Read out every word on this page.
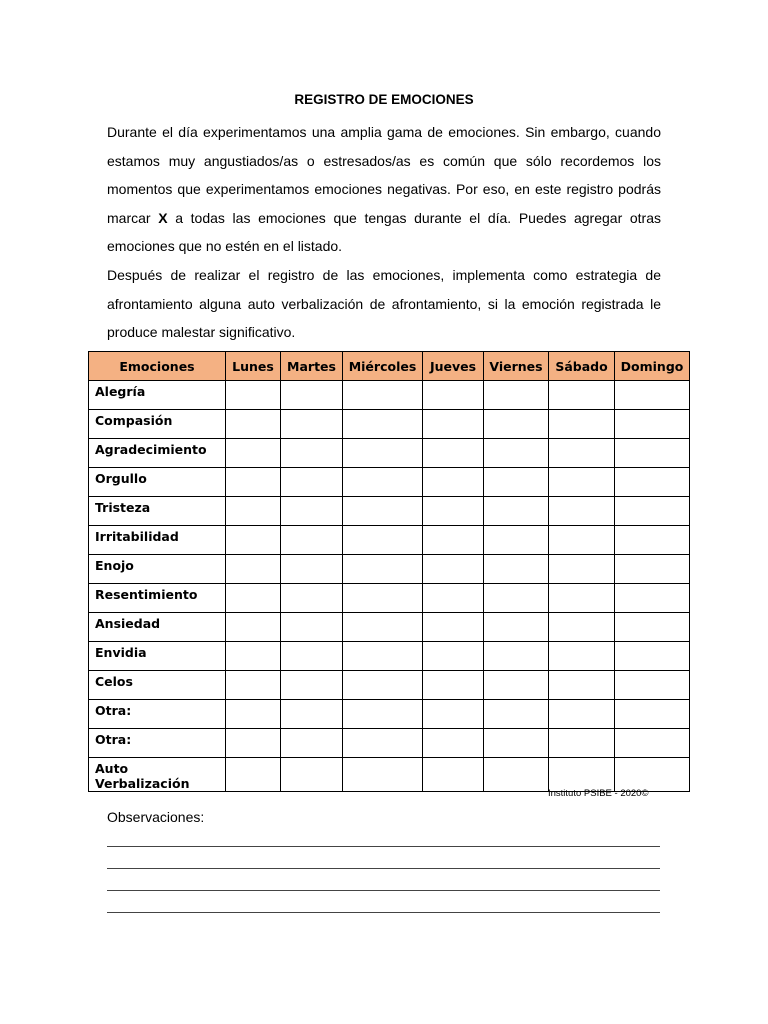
REGISTRO DE EMOCIONES

Durante el día experimentamos una amplia gama de emociones. Sin embargo, cuando estamos muy angustiados/as o estresados/as es común que sólo recordemos los momentos que experimentamos emociones negativas. Por eso, en este registro podrás marcar X a todas las emociones que tengas durante el día. Puedes agregar otras emociones que no estén en el listado.

Después de realizar el registro de las emociones, implementa como estrategia de afrontamiento alguna auto verbalización de afrontamiento, si la emoción registrada le produce malestar significativo.

Emociones	Lunes	Martes	Miércoles	Jueves	Viernes	Sábado	Domingo
Alegría							
Compasión							
Agradecimiento							
Orgullo							
Tristeza							
Irritabilidad							
Enojo							
Resentimiento							
Ansiedad							
Envidia							
Celos							
Otra:							
Otra:							
Auto Verbalización							
Instituto PSIBE - 2020©
Observaciones:
